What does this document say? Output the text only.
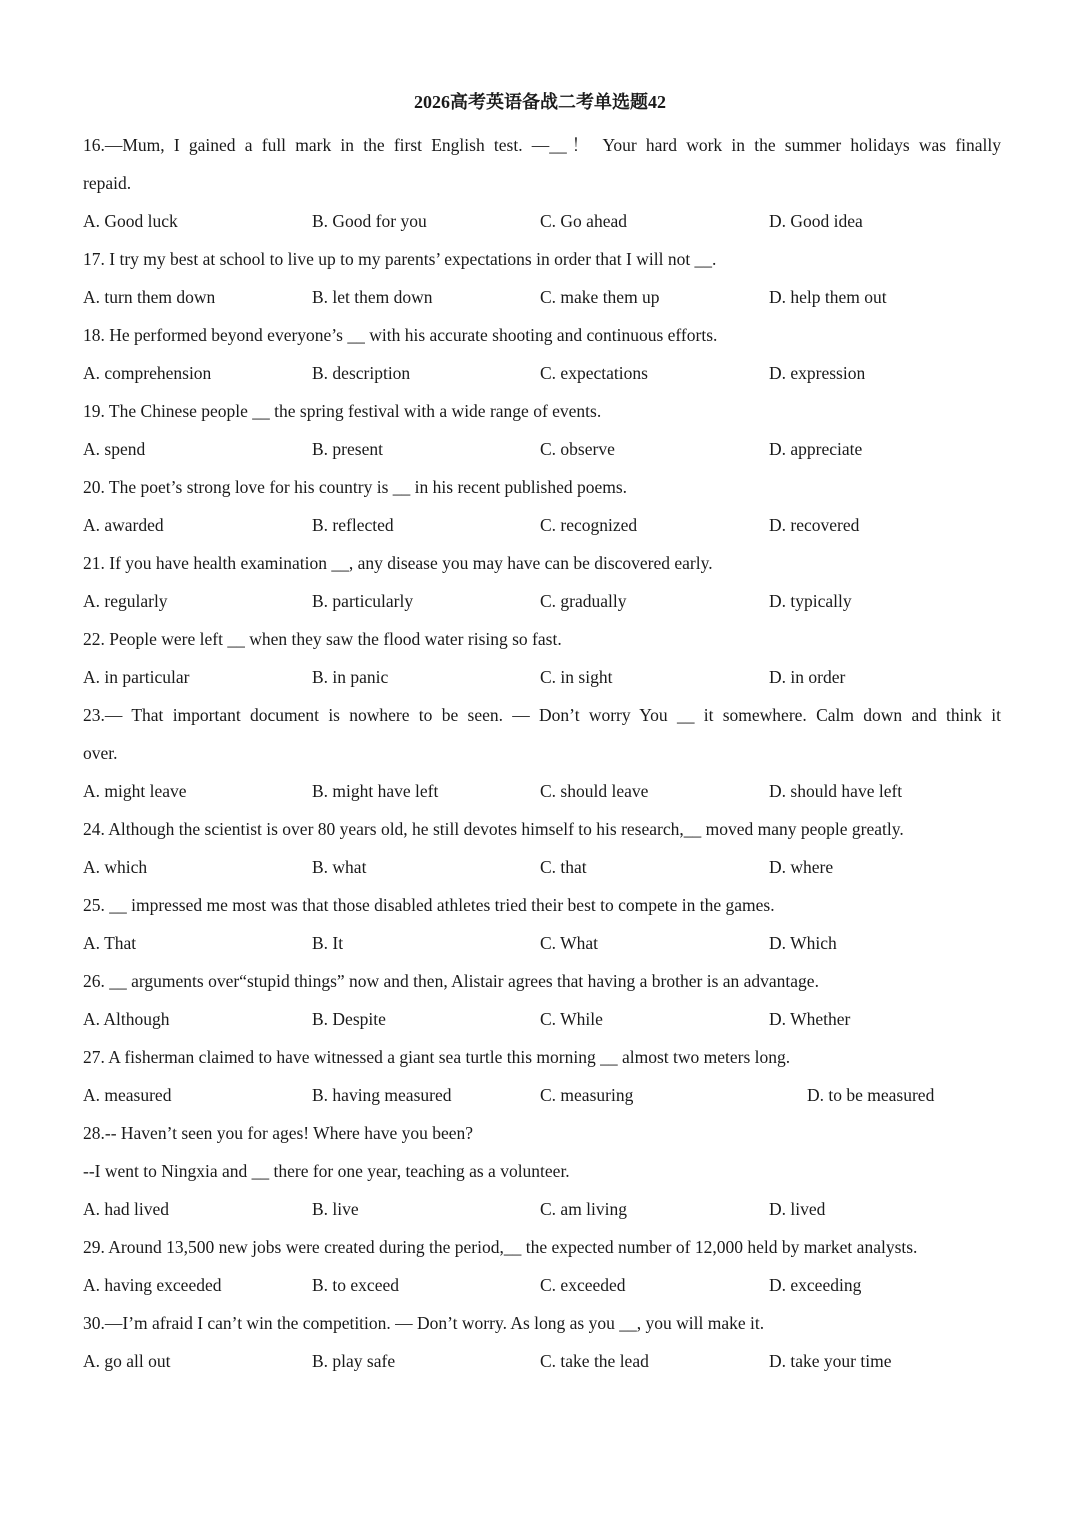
2026高考英语备战二考单选题42
16.—Mum, I gained a full mark in the first English test. —__！ Your hard work in the summer holidays was finally
repaid.
A. Good luck	B. Good for you	C. Go ahead	D. Good idea
17. I try my best at school to live up to my parents’ expectations in order that I will not __.
A. turn them down	B. let them down	C. make them up	D. help them out
18. He performed beyond everyone’s __ with his accurate shooting and continuous efforts.
A. comprehension	B. description	C. expectations	D. expression
19. The Chinese people __ the spring festival with a wide range of events.
A. spend	B. present	C. observe	D. appreciate
20. The poet’s strong love for his country is __ in his recent published poems.
A. awarded	B. reflected	C. recognized	D. recovered
21. If you have health examination __, any disease you may have can be discovered early.
A. regularly	B. particularly	C. gradually	D. typically
22. People were left __ when they saw the flood water rising so fast.
A. in particular	B. in panic	C. in sight	D. in order
23.— That important document is nowhere to be seen. — Don’t worry You __ it somewhere. Calm down and think it
over.
A. might leave	B. might have left	C. should leave	D. should have left
24. Although the scientist is over 80 years old, he still devotes himself to his research,__ moved many people greatly.
A. which	B. what	C. that	D. where
25. __ impressed me most was that those disabled athletes tried their best to compete in the games.
A. That	B. It	C. What	D. Which
26. __ arguments over“stupid things” now and then, Alistair agrees that having a brother is an advantage.
A. Although	B. Despite	C. While	D. Whether
27. A fisherman claimed to have witnessed a giant sea turtle this morning __ almost two meters long.
A. measured	B. having measured	C. measuring	D. to be measured
28.-- Haven’t seen you for ages! Where have you been?
--I went to Ningxia and __ there for one year, teaching as a volunteer.
A. had lived	B. live	C. am living	D. lived
29. Around 13,500 new jobs were created during the period,__ the expected number of 12,000 held by market analysts.
A. having exceeded	B. to exceed	C. exceeded	D. exceeding
30.—I’m afraid I can’t win the competition. — Don’t worry. As long as you __, you will make it.
A. go all out	B. play safe	C. take the lead	D. take your time
